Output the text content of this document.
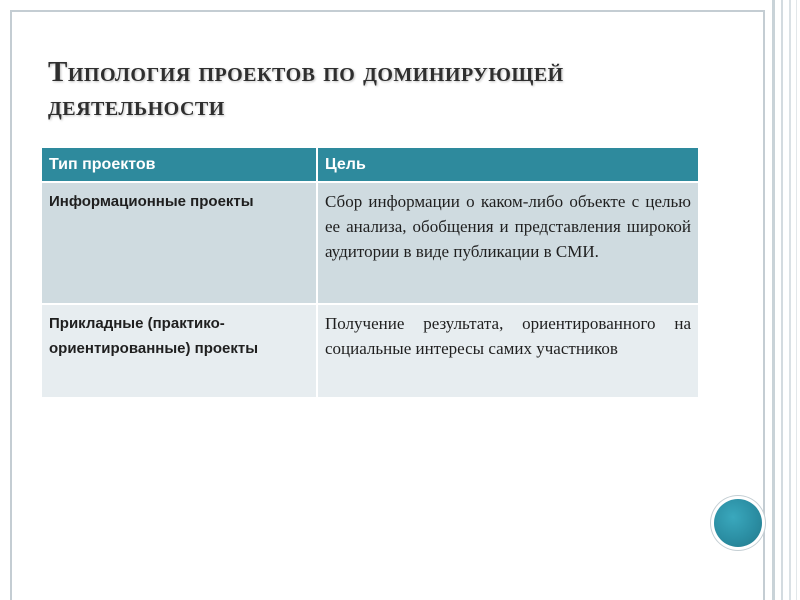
Типология проектов по доминирующей
деятельности
Тип проектов	Цель
Информационные проекты	Сбор информации о каком-либо объекте с целью ее анализа, обобщения и представления широкой аудитории в виде публикации в СМИ.
Прикладные (практико-ориентированные) проекты	Получение результата, ориентированного на социальные интересы самих участников
